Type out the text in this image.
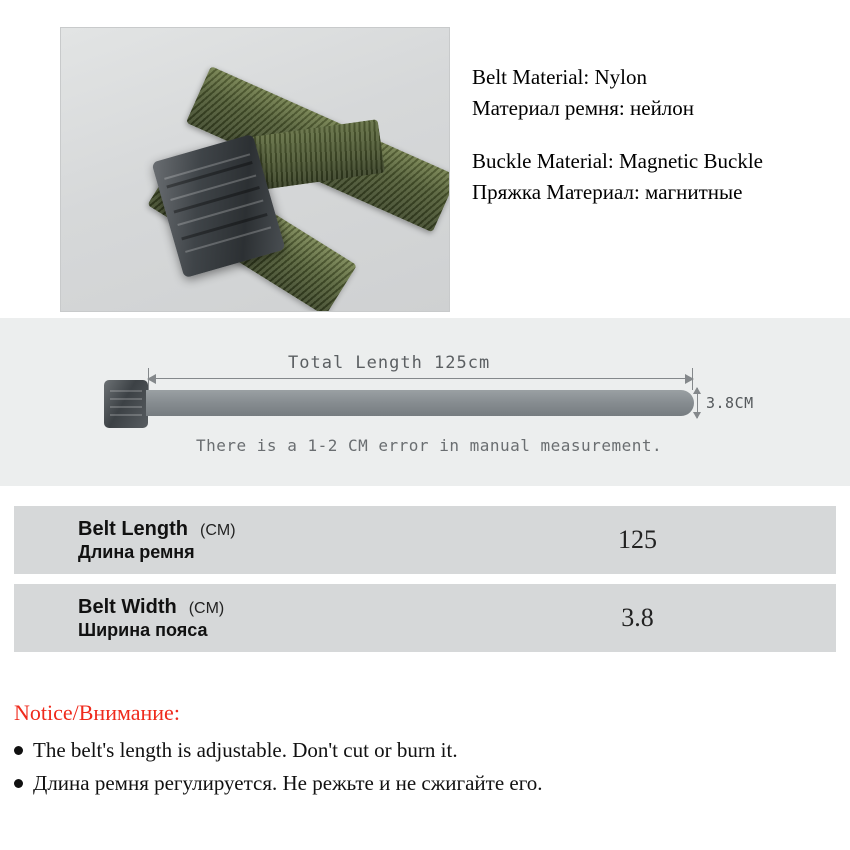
Belt Material: Nylon
Материал ремня: нейлон
Buckle Material: Magnetic Buckle
Пряжка Материал: магнитные
Total Length 125cm
3.8CM
There is a 1-2 CM error in manual measurement.
Belt Length (CM)
Длина ремня	125

Belt Width (CM)
Ширина пояса	3.8
Notice/Внимание:
The belt's length is adjustable. Don't cut or burn it.
Длина ремня регулируется. Не режьте и не сжигайте его.
